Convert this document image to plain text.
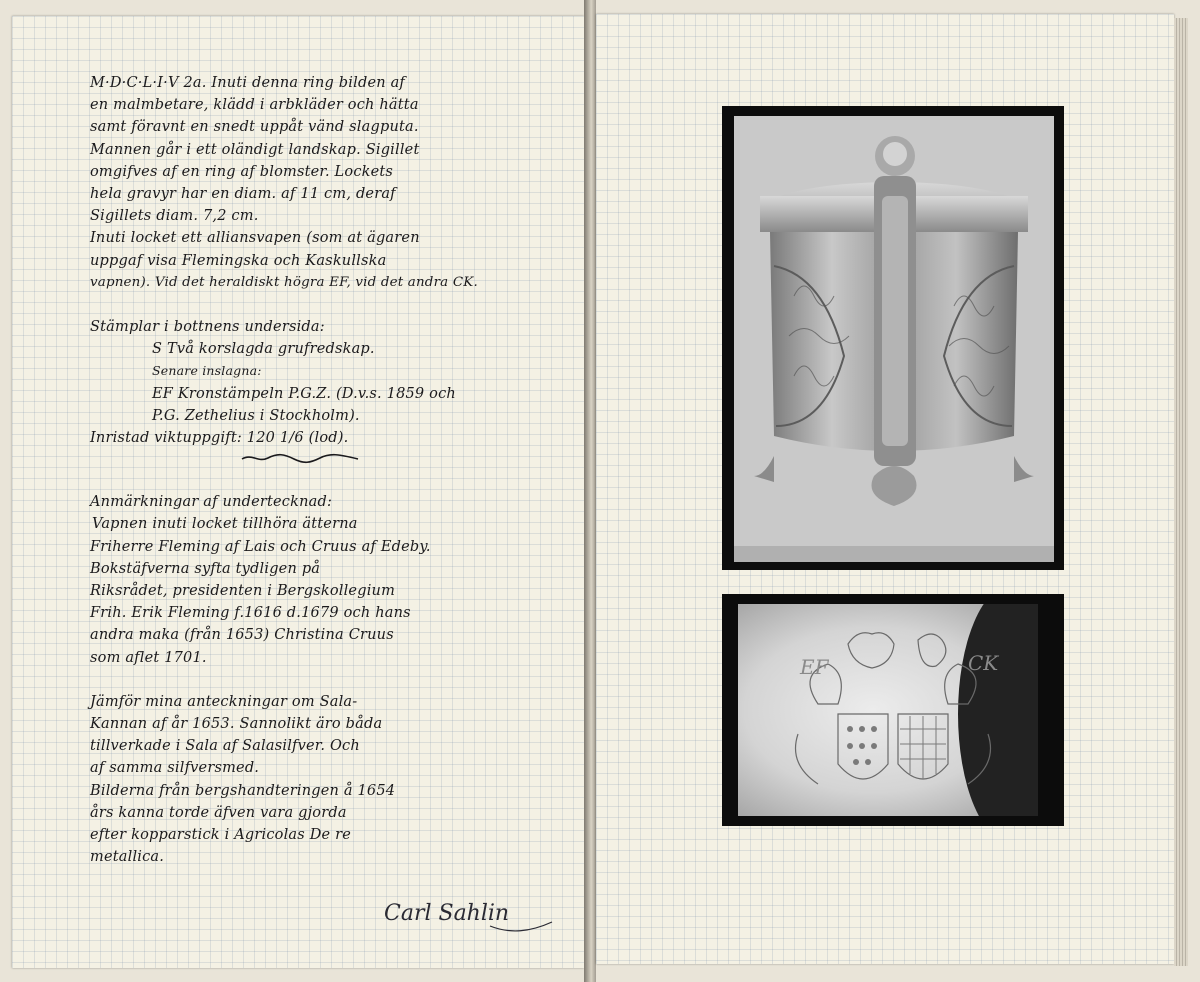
M·D·C·L·I·V 2a. Inuti denna ring bilden af
en malmbetare, klädd i arbkläder och hätta
samt föravnt en snedt uppåt vänd slagputa.
Mannen går i ett oländigt landskap. Sigillet
omgifves af en ring af blomster. Lockets
hela gravyr har en diam. af 11 cm, deraf
Sigillets diam. 7,2 cm.
Inuti locket ett alliansvapen (som at ägaren
uppgaf visa Flemingska och Kaskullska
vapnen). Vid det heraldiskt högra EF, vid det andra CK.
Stämplar i bottnens undersida:
S Två korslagda grufredskap.
Senare inslagna:
EF Kronstämpeln P.G.Z. (D.v.s. 1859 och
P.G. Zethelius i Stockholm).
Inristad viktuppgift: 120 1/6 (lod).
Anmärkningar af undertecknad:
Vapnen inuti locket tillhöra ätterna
Friherre Fleming af Lais och Cruus af Edeby.
Bokstäfverna syfta tydligen på
Riksrådet, presidenten i Bergskollegium
Frih. Erik Fleming f.1616 d.1679 och hans
andra maka (från 1653) Christina Cruus
som aflet 1701.
Jämför mina anteckningar om Sala-
Kannan af år 1653. Sannolikt äro båda
tillverkade i Sala af Salasilfver. Och
af samma silfversmed.
Bilderna från bergshandteringen å 1654
års kanna torde äfven vara gjorda
efter kopparstick i Agricolas De re
metallica.
Carl Sahlin
EF	CK
